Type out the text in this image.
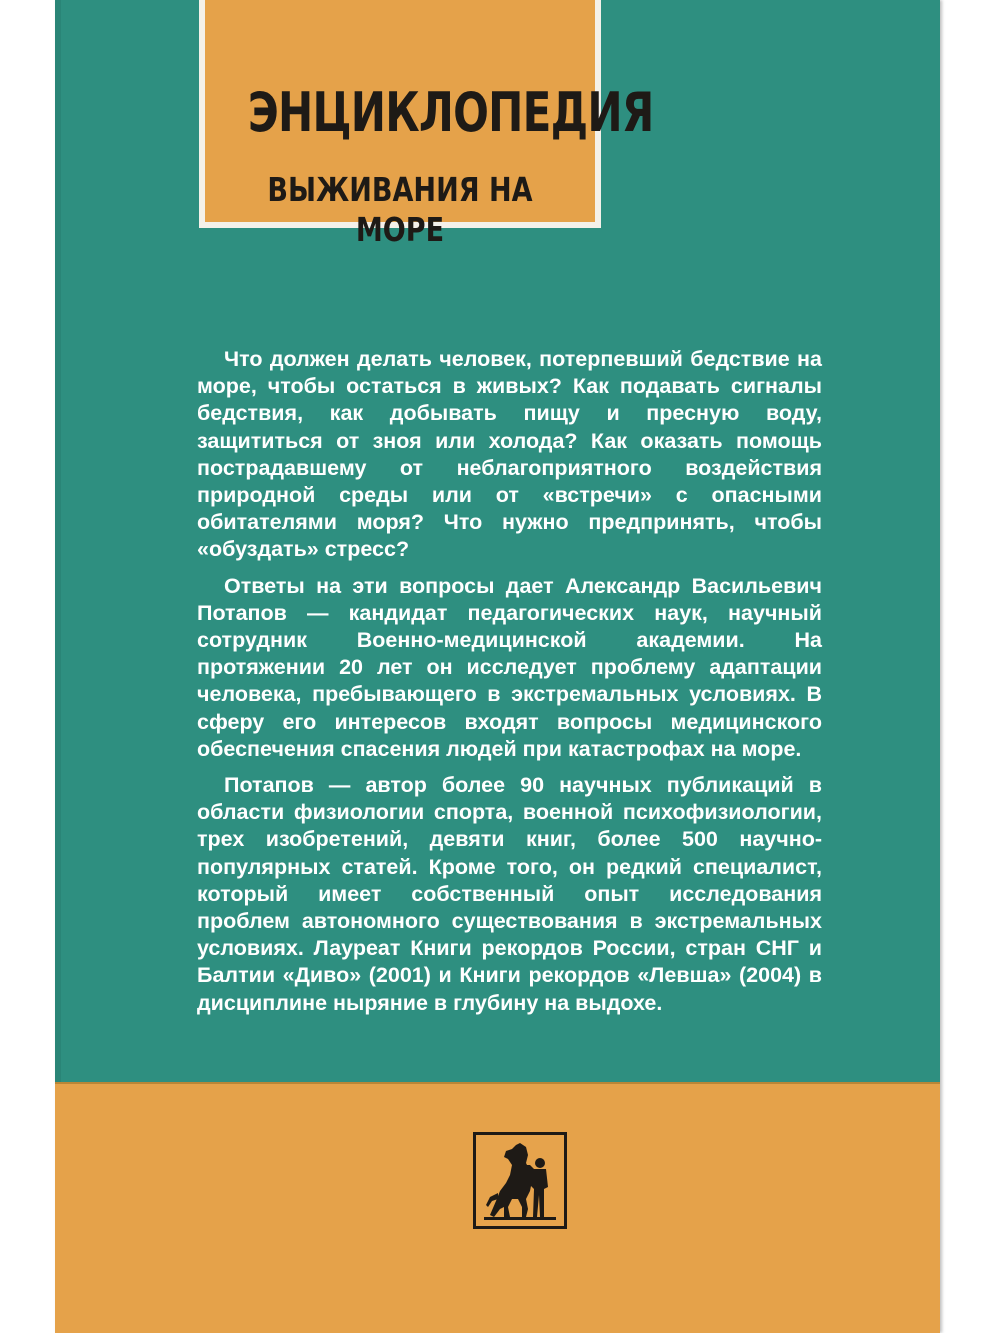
ЭНЦИКЛОПЕДИЯ
ВЫЖИВАНИЯ НА МОРЕ

Что должен делать человек, потерпевший бедствие на море, чтобы остаться в живых? Как подавать сигналы бедствия, как добывать пищу и пресную воду, защититься от зноя или холода? Как оказать помощь пострадавшему от неблагоприятного воздействия природной среды или от «встречи» с опасными обитателями моря? Что нужно предпринять, чтобы «обуздать» стресс?

Ответы на эти вопросы дает Александр Васильевич Потапов — кандидат педагогических наук, научный сотрудник Военно-медицинской академии. На протяжении 20 лет он исследует проблему адаптации человека, пребывающего в экстремальных условиях. В сферу его интересов входят вопросы медицинского обеспечения спасения людей при катастрофах на море.

Потапов — автор более 90 научных публикаций в области физиологии спорта, военной психофизиологии, трех изобретений, девяти книг, более 500 научно-популярных статей. Кроме того, он редкий специалист, который имеет собственный опыт исследования проблем автономного существования в экстремальных условиях. Лауреат Книги рекордов России, стран СНГ и Балтии «Диво» (2001) и Книги рекордов «Левша» (2004) в дисциплине ныряние в глубину на выдохе.
